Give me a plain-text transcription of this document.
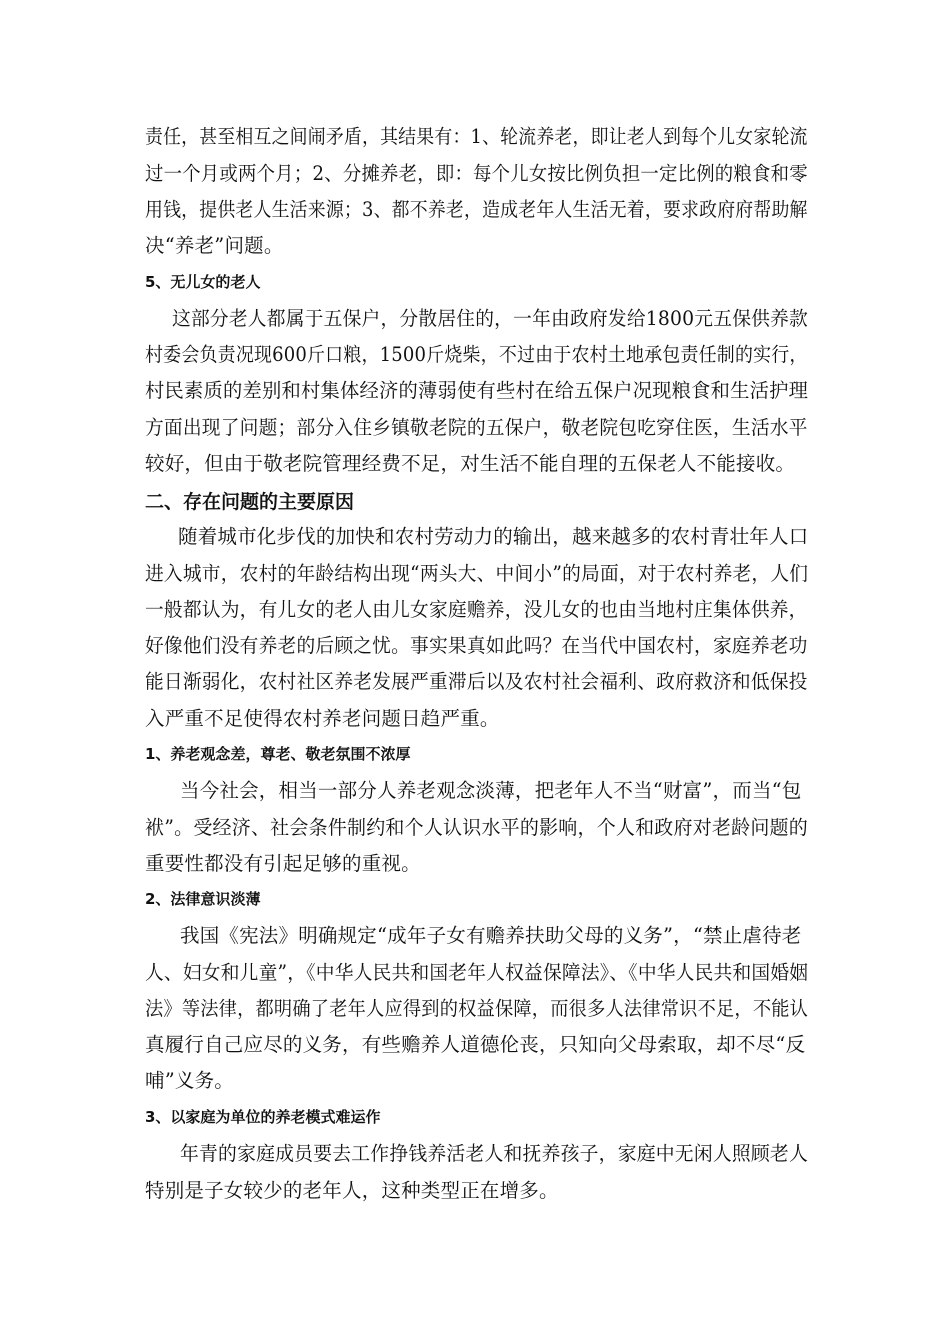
责任，甚至相互之间闹矛盾，其结果有：1、轮流养老，即让老人到每个儿女家轮流
过一个月或两个月；2、分摊养老，即：每个儿女按比例负担一定比例的粮食和零
用钱，提供老人生活来源；3、都不养老，造成老年人生活无着，要求政府府帮助解
决“养老”问题。
5、无儿女的老人
这部分老人都属于五保户，分散居住的，一年由政府发给1800元五保供养款
村委会负责况现600斤口粮，1500斤烧柴，不过由于农村土地承包责任制的实行，
村民素质的差别和村集体经济的薄弱使有些村在给五保户况现粮食和生活护理
方面出现了问题；部分入住乡镇敬老院的五保户，敬老院包吃穿住医，生活水平
较好，但由于敬老院管理经费不足，对生活不能自理的五保老人不能接收。
二、存在问题的主要原因
随着城市化步伐的加快和农村劳动力的输出，越来越多的农村青壮年人口
进入城市，农村的年龄结构出现“两头大、中间小”的局面，对于农村养老，人们
一般都认为，有儿女的老人由儿女家庭赡养，没儿女的也由当地村庄集体供养，
好像他们没有养老的后顾之忧。事实果真如此吗？在当代中国农村，家庭养老功
能日渐弱化，农村社区养老发展严重滞后以及农村社会福利、政府救济和低保投
入严重不足使得农村养老问题日趋严重。
1、养老观念差，尊老、敬老氛围不浓厚
当今社会，相当一部分人养老观念淡薄，把老年人不当“财富”，而当“包
袱”。受经济、社会条件制约和个人认识水平的影响，个人和政府对老龄问题的
重要性都没有引起足够的重视。
2、法律意识淡薄
我国《宪法》明确规定“成年子女有赡养扶助父母的义务”，“禁止虐待老
人、妇女和儿童”，《中华人民共和国老年人权益保障法》、《中华人民共和国婚姻
法》等法律，都明确了老年人应得到的权益保障，而很多人法律常识不足，不能认
真履行自己应尽的义务，有些赡养人道德伦丧，只知向父母索取，却不尽“反
哺”义务。
3、以家庭为单位的养老模式难运作
年青的家庭成员要去工作挣钱养活老人和抚养孩子，家庭中无闲人照顾老人
特别是子女较少的老年人，这种类型正在增多。
